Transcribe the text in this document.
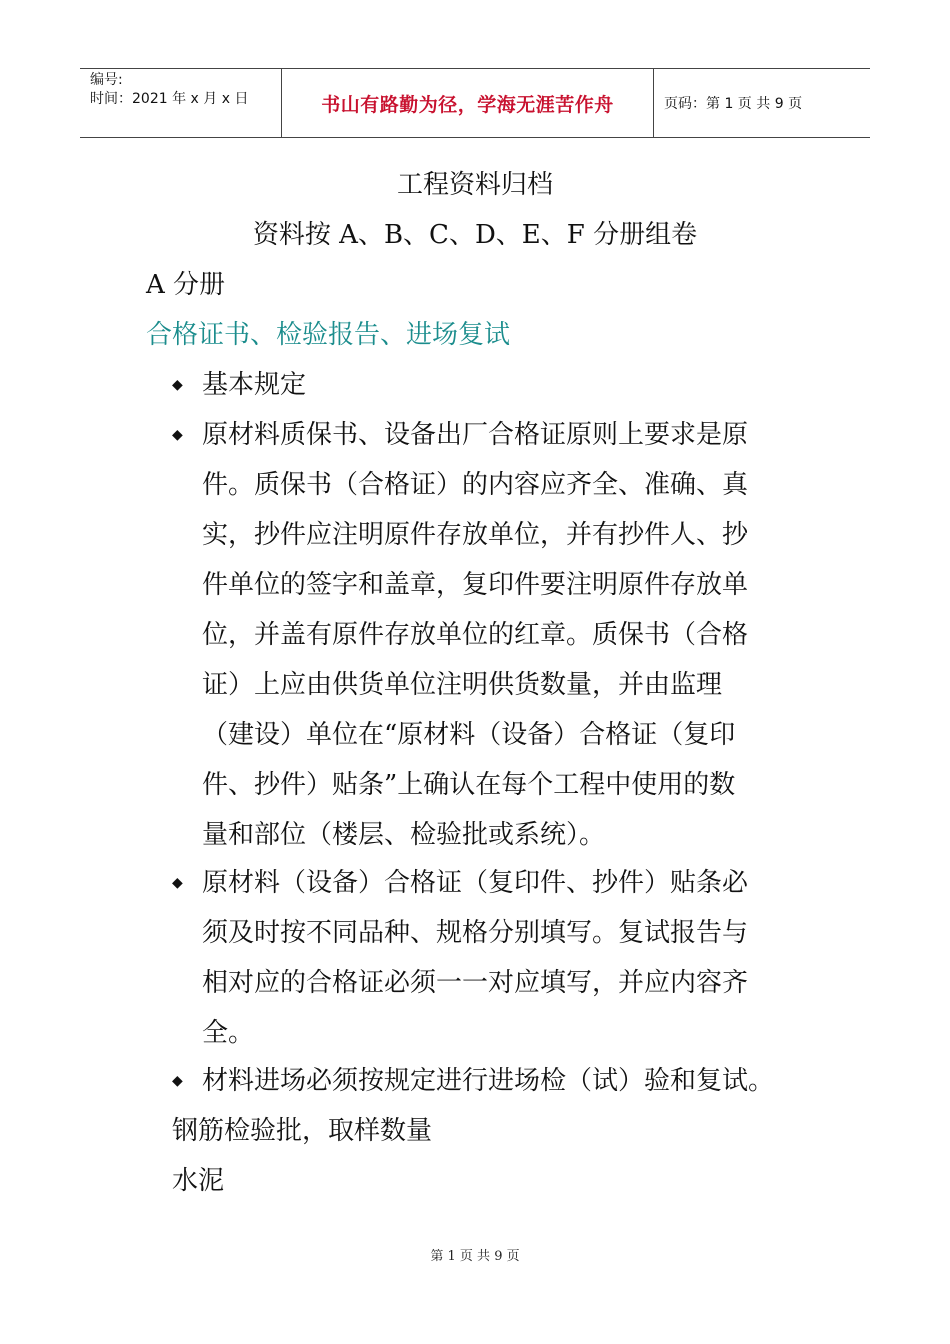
编号:
时间：2021 年 x 月 x 日	书山有路勤为径，学海无涯苦作舟	页码：第 1 页 共 9 页
工程资料归档
资料按 A、B、C、D、E、F 分册组卷
A 分册
合格证书、检验报告、进场复试
◆ 基本规定
◆ 原材料质保书、设备出厂合格证原则上要求是原
件。质保书（合格证）的内容应齐全、准确、真
实，抄件应注明原件存放单位，并有抄件人、抄
件单位的签字和盖章，复印件要注明原件存放单
位，并盖有原件存放单位的红章。质保书（合格
证）上应由供货单位注明供货数量，并由监理
（建设）单位在“原材料（设备）合格证（复印
件、抄件）贴条”上确认在每个工程中使用的数
量和部位（楼层、检验批或系统）。
◆ 原材料（设备）合格证（复印件、抄件）贴条必
须及时按不同品种、规格分别填写。复试报告与
相对应的合格证必须一一对应填写，并应内容齐
全。
◆ 材料进场必须按规定进行进场检（试）验和复试。
钢筋检验批，取样数量
水泥
第 1 页 共 9 页
